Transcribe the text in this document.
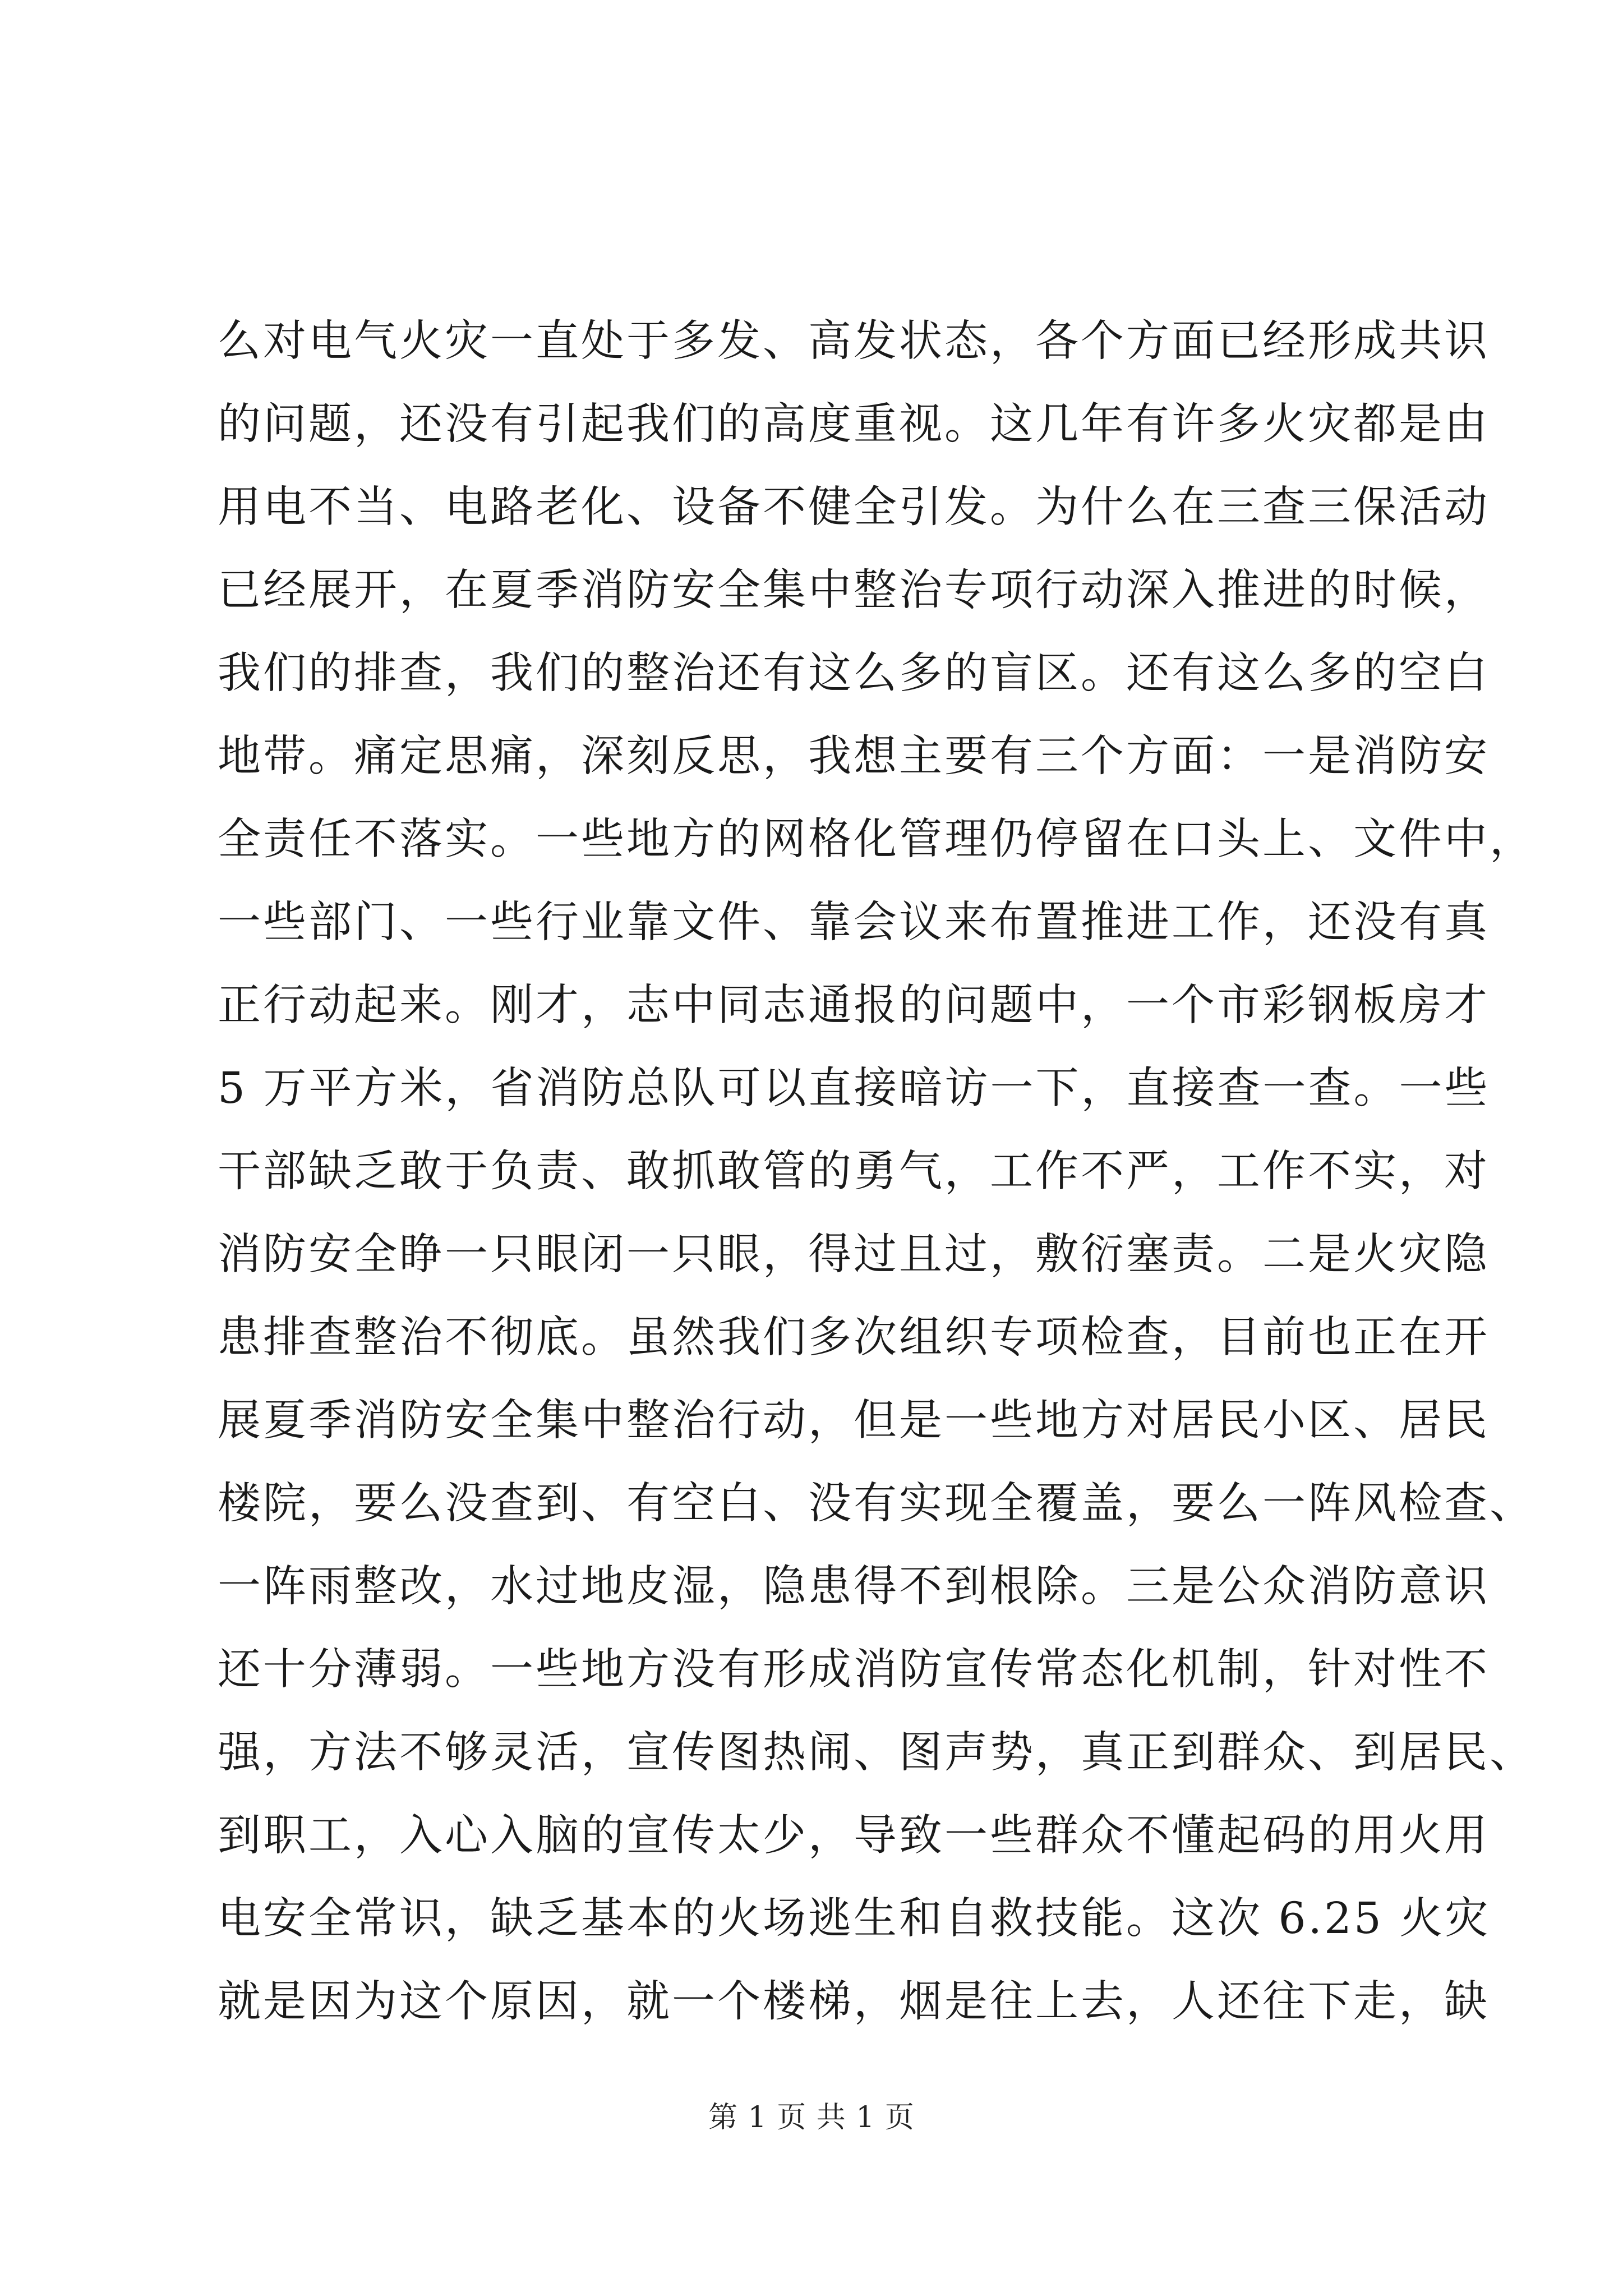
么对电气火灾一直处于多发、高发状态，各个方面已经形成共识
的问题，还没有引起我们的高度重视。这几年有许多火灾都是由
用电不当、电路老化、设备不健全引发。为什么在三查三保活动
已经展开，在夏季消防安全集中整治专项行动深入推进的时候，
我们的排查，我们的整治还有这么多的盲区。还有这么多的空白
地带。痛定思痛，深刻反思，我想主要有三个方面：一是消防安
全责任不落实。一些地方的网格化管理仍停留在口头上、文件中，
一些部门、一些行业靠文件、靠会议来布置推进工作，还没有真
正行动起来。刚才，志中同志通报的问题中，一个市彩钢板房才
5 万平方米，省消防总队可以直接暗访一下，直接查一查。一些
干部缺乏敢于负责、敢抓敢管的勇气，工作不严，工作不实，对
消防安全睁一只眼闭一只眼，得过且过，敷衍塞责。二是火灾隐
患排查整治不彻底。虽然我们多次组织专项检查，目前也正在开
展夏季消防安全集中整治行动，但是一些地方对居民小区、居民
楼院，要么没查到、有空白、没有实现全覆盖，要么一阵风检查、
一阵雨整改，水过地皮湿，隐患得不到根除。三是公众消防意识
还十分薄弱。一些地方没有形成消防宣传常态化机制，针对性不
强，方法不够灵活，宣传图热闹、图声势，真正到群众、到居民、
到职工，入心入脑的宣传太少，导致一些群众不懂起码的用火用
电安全常识，缺乏基本的火场逃生和自救技能。这次 6.25 火灾
就是因为这个原因，就一个楼梯，烟是往上去，人还往下走，缺
第 1 页 共 1 页
